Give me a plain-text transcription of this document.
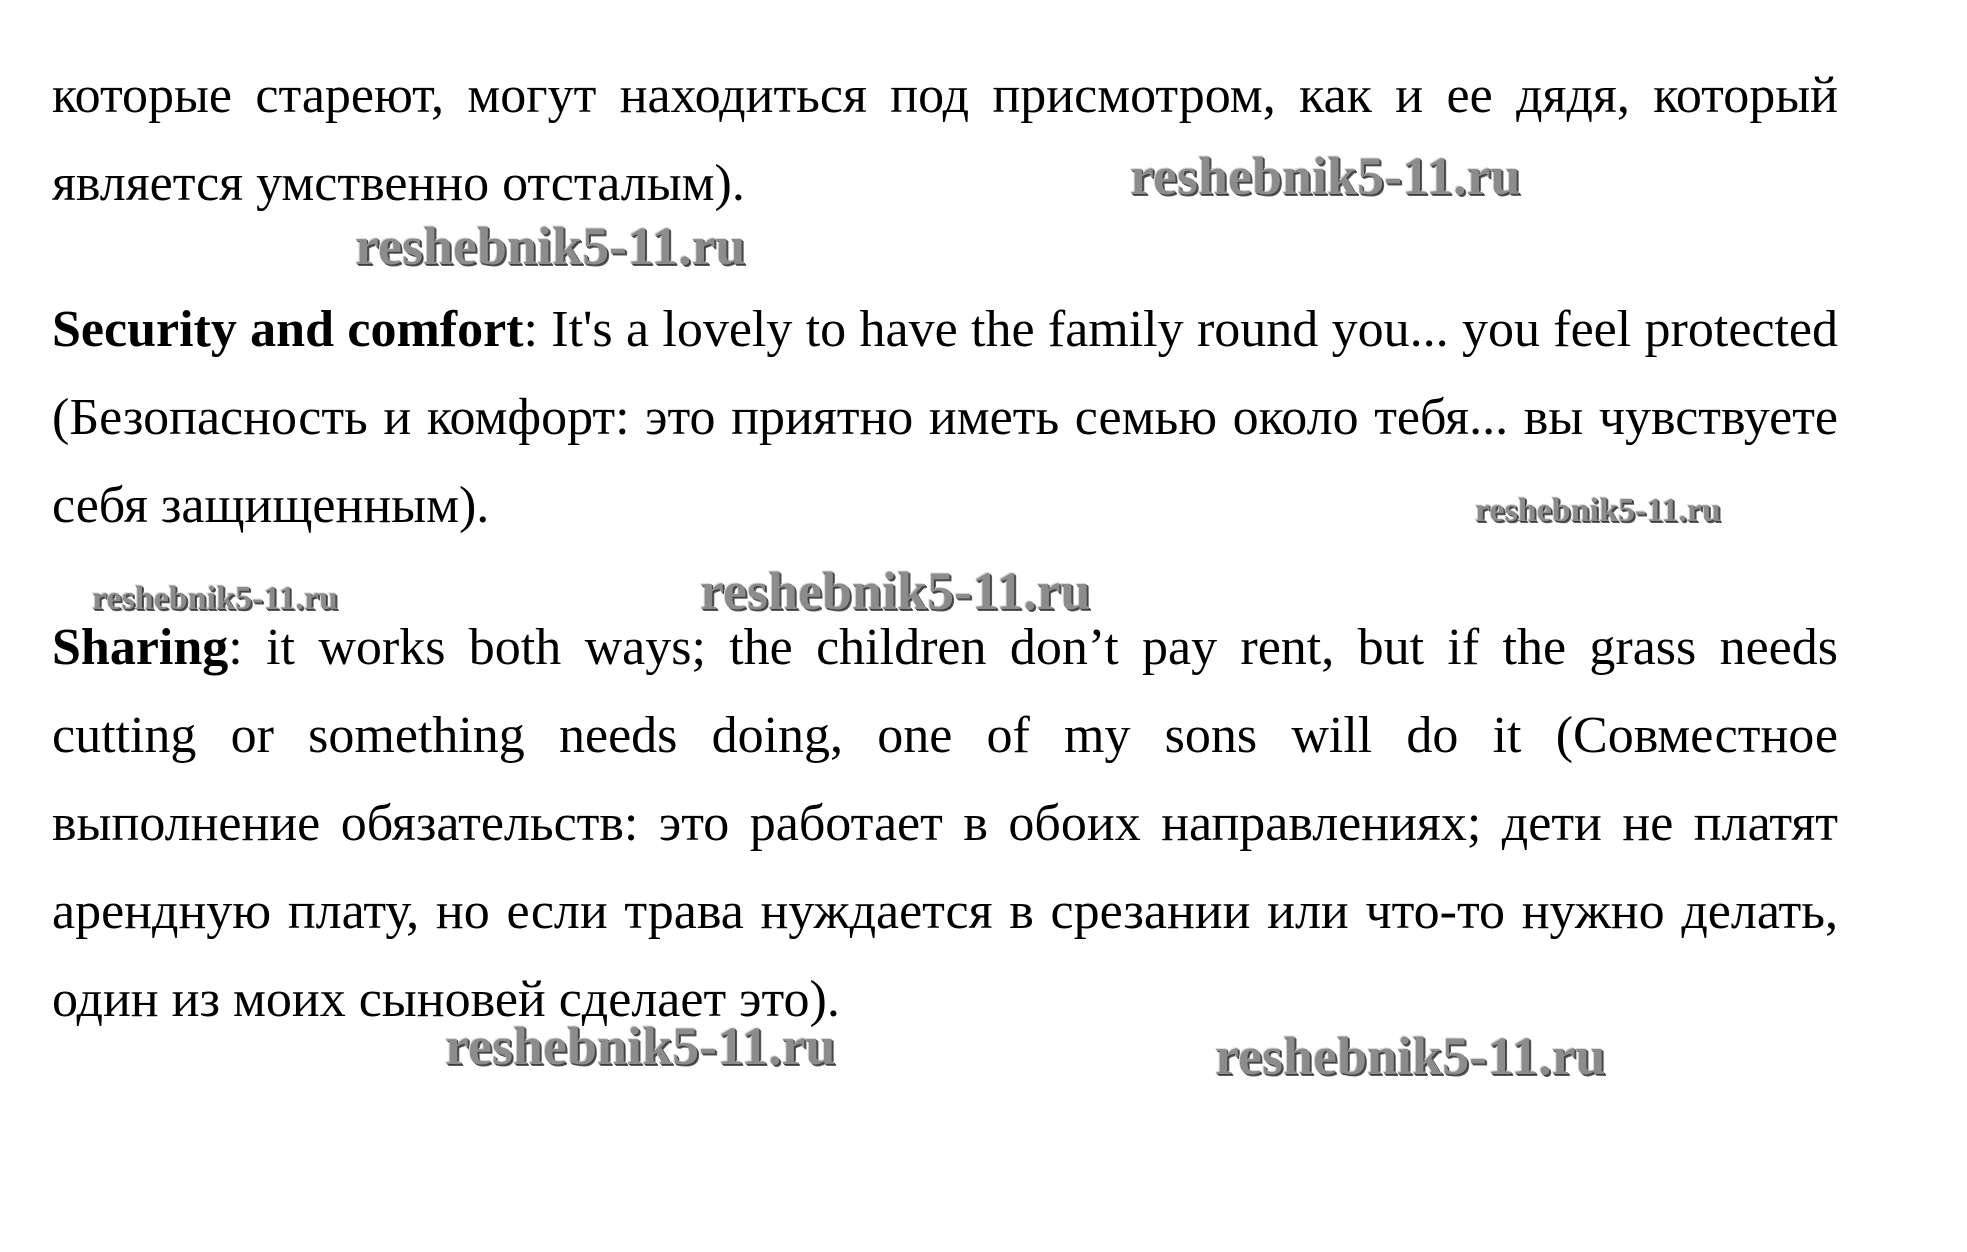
которые стареют, могут находиться под присмотром, как и ее дядя, который является умственно отсталым).

Security and comfort: It's a lovely to have the family round you... you feel protected (Безопасность и комфорт: это приятно иметь семью около тебя... вы чувствуете себя защищенным).

Sharing: it works both ways; the children don’t pay rent, but if the grass needs cutting or something needs doing, one of my sons will do it (Совместное выполнение обязательств: это работает в обоих направлениях; дети не платят арендную плату, но если трава нуждается в срезании или что-то нужно делать, один из моих сыновей сделает это).

reshebnik5-11.ru
reshebnik5-11.ru
reshebnik5-11.ru
reshebnik5-11.ru	reshebnik5-11.ru
reshebnik5-11.ru	reshebnik5-11.ru
